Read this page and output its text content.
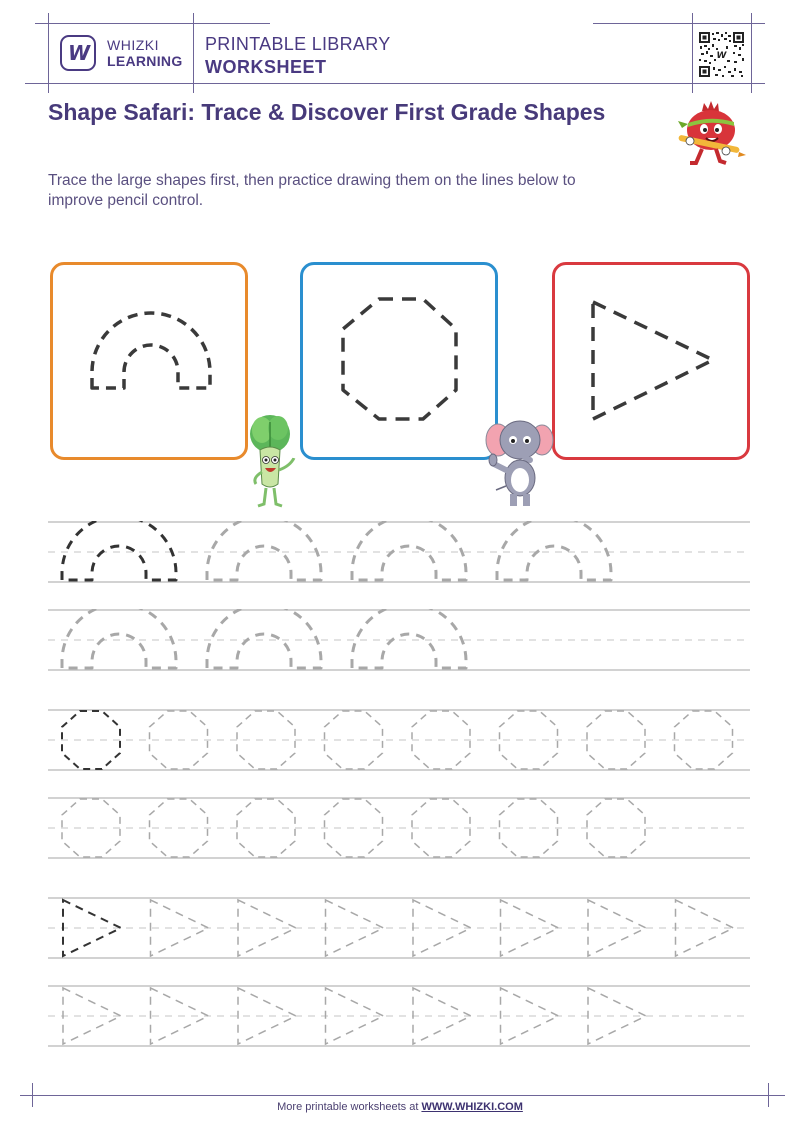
W WHIZKI
LEARNING
PRINTABLE LIBRARY
WORKSHEET
W
Shape Safari: Trace & Discover First Grade Shapes

Trace the large shapes first, then practice drawing them on the lines below to improve pencil control.

More printable worksheets at WWW.WHIZKI.COM
